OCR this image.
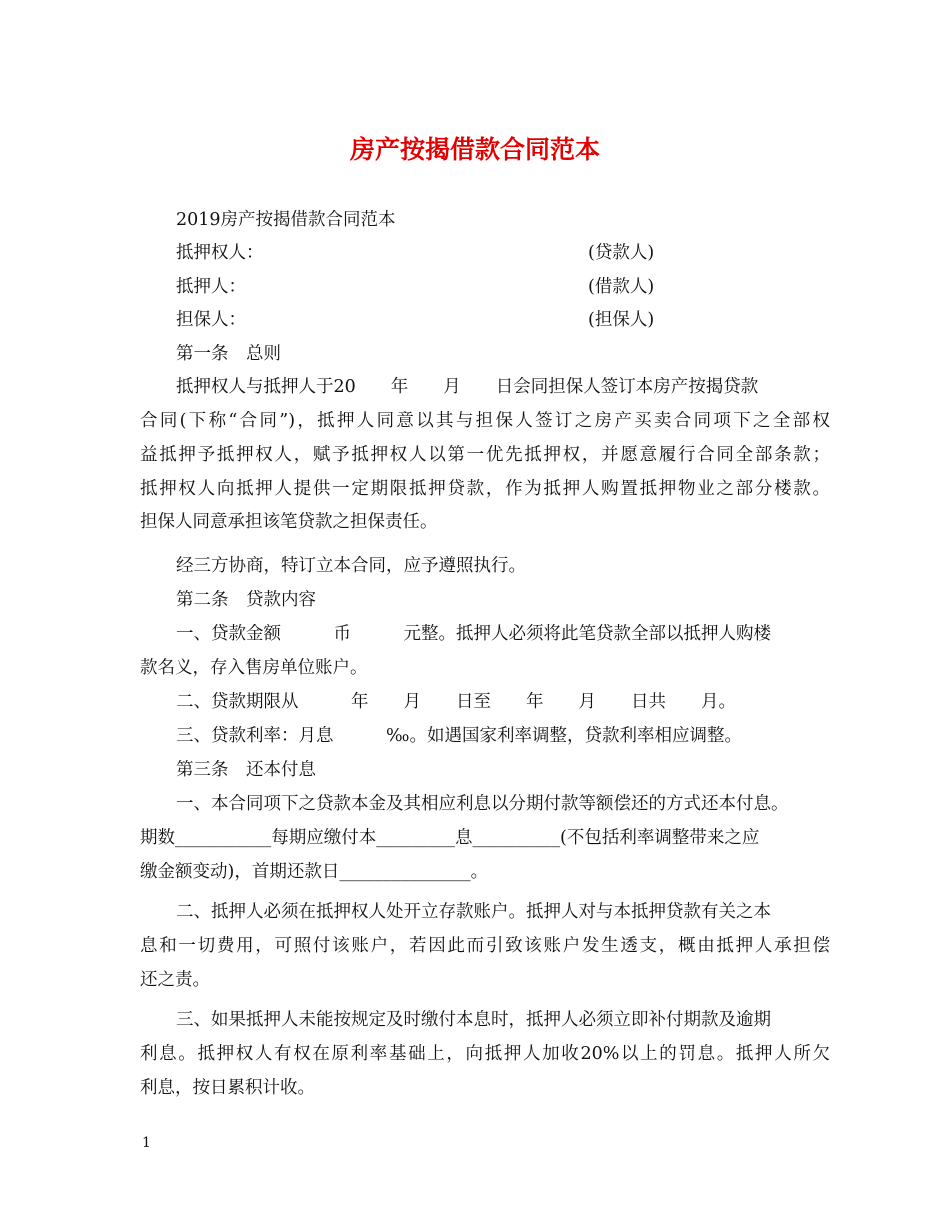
房产按揭借款合同范本
2019房产按揭借款合同范本
抵押权人：	(贷款人)
抵押人：	(借款人)
担保人：	(担保人)
第一条　总则
抵押权人与抵押人于20　　年　　月　　日会同担保人签订本房产按揭贷款
合同(下称“合同”)，抵押人同意以其与担保人签订之房产买卖合同项下之全部权
益抵押予抵押权人，赋予抵押权人以第一优先抵押权，并愿意履行合同全部条款；
抵押权人向抵押人提供一定期限抵押贷款，作为抵押人购置抵押物业之部分楼款。
担保人同意承担该笔贷款之担保责任。
经三方协商，特订立本合同，应予遵照执行。
第二条　贷款内容
一、贷款金额　　　币　　　元整。抵押人必须将此笔贷款全部以抵押人购楼
款名义，存入售房单位账户。
二、贷款期限从　　　年　　月　　日至　　年　　月　　日共　　月。
三、贷款利率：月息　　　‰。如遇国家利率调整，贷款利率相应调整。
第三条　还本付息
一、本合同项下之贷款本金及其相应利息以分期付款等额偿还的方式还本付息。
期数___________每期应缴付本_________息__________(不包括利率调整带来之应
缴金额变动)，首期还款日_______________。
二、抵押人必须在抵押权人处开立存款账户。抵押人对与本抵押贷款有关之本
息和一切费用，可照付该账户，若因此而引致该账户发生透支，概由抵押人承担偿
还之责。
三、如果抵押人未能按规定及时缴付本息时，抵押人必须立即补付期款及逾期
利息。抵押权人有权在原利率基础上，向抵押人加收20%以上的罚息。抵押人所欠
利息，按日累积计收。
1
